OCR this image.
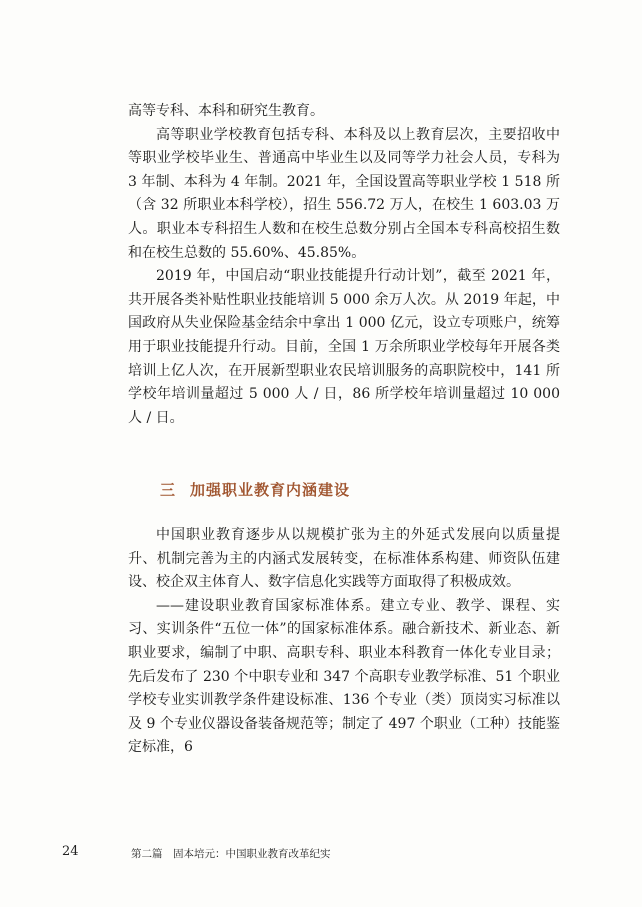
高等专科、本科和研究生教育。

高等职业学校教育包括专科、本科及以上教育层次，主要招收中等职业学校毕业生、普通高中毕业生以及同等学力社会人员，专科为 3 年制、本科为 4 年制。2021 年，全国设置高等职业学校 1 518 所（含 32 所职业本科学校），招生 556.72 万人，在校生 1 603.03 万人。职业本专科招生人数和在校生总数分别占全国本专科高校招生数和在校生总数的 55.60%、45.85%。

2019 年，中国启动“职业技能提升行动计划”，截至 2021 年，共开展各类补贴性职业技能培训 5 000 余万人次。从 2019 年起，中国政府从失业保险基金结余中拿出 1 000 亿元，设立专项账户，统筹用于职业技能提升行动。目前，全国 1 万余所职业学校每年开展各类培训上亿人次，在开展新型职业农民培训服务的高职院校中，141 所学校年培训量超过 5 000 人 / 日，86 所学校年培训量超过 10 000 人 / 日。

三 加强职业教育内涵建设

中国职业教育逐步从以规模扩张为主的外延式发展向以质量提升、机制完善为主的内涵式发展转变，在标准体系构建、师资队伍建设、校企双主体育人、数字信息化实践等方面取得了积极成效。

——建设职业教育国家标准体系。建立专业、教学、课程、实习、实训条件“五位一体”的国家标准体系。融合新技术、新业态、新职业要求，编制了中职、高职专科、职业本科教育一体化专业目录；先后发布了 230 个中职专业和 347 个高职专业教学标准、51 个职业学校专业实训教学条件建设标准、136 个专业（类）顶岗实习标准以及 9 个专业仪器设备装备规范等；制定了 497 个职业（工种）技能鉴定标准，6

24	第二篇　固本培元：中国职业教育改革纪实
